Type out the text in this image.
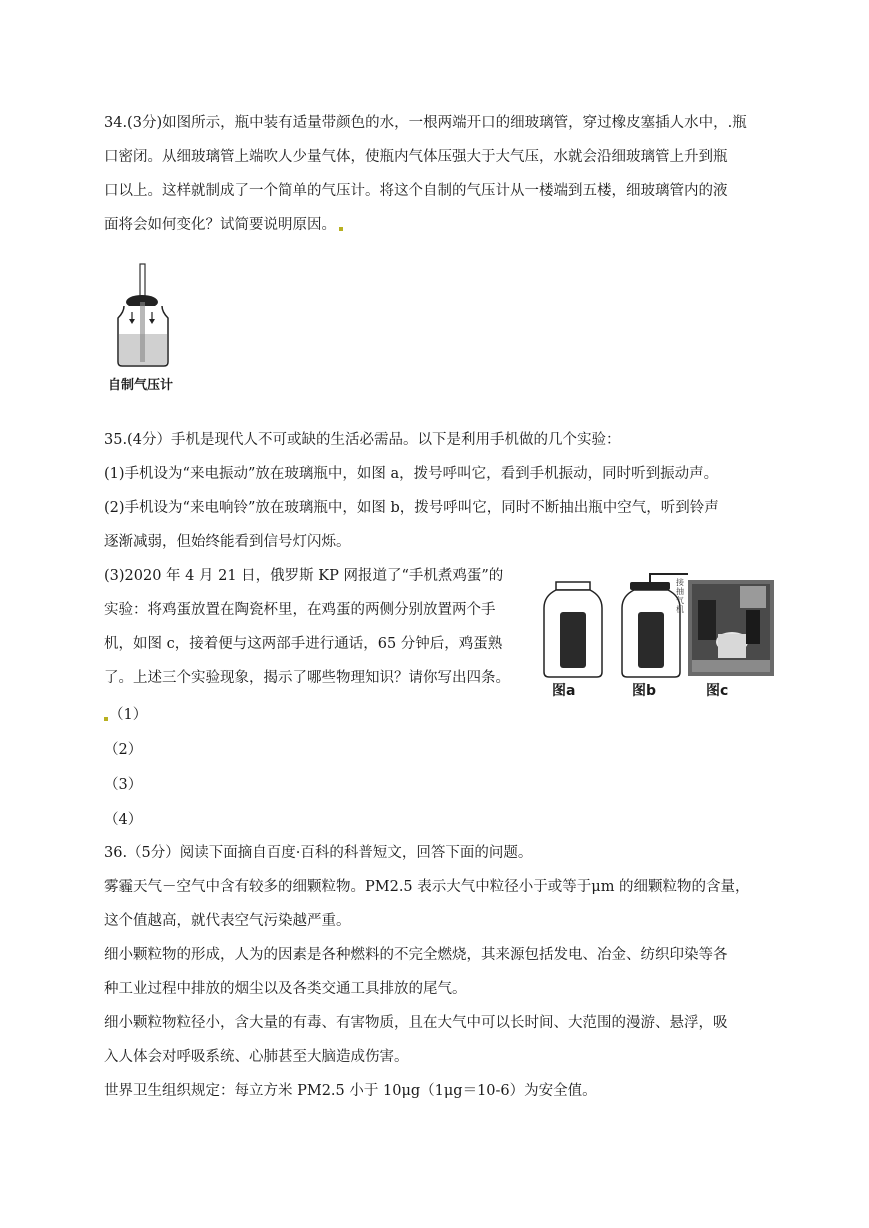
34.(3分)如图所示，瓶中装有适量带颜色的水，一根两端开口的细玻璃管，穿过橡皮塞插人水中，.瓶
口密闭。从细玻璃管上端吹人少量气体，使瓶内气体压强大于大气压，水就会沿细玻璃管上升到瓶
口以上。这样就制成了一个简单的气压计。将这个自制的气压计从一楼端到五楼，细玻璃管内的液
面将会如何变化？试简要说明原因。
自制气压计
35.(4分）手机是现代人不可或缺的生活必需品。以下是利用手机做的几个实验：
(1)手机设为“来电振动”放在玻璃瓶中，如图 a，拨号呼叫它，看到手机振动，同时听到振动声。
(2)手机设为“来电响铃”放在玻璃瓶中，如图 b，拨号呼叫它，同时不断抽出瓶中空气，听到铃声
逐渐减弱，但始终能看到信号灯闪烁。
(3)2020 年 4 月 21 日，俄罗斯 KP 网报道了“手机煮鸡蛋”的
实验：将鸡蛋放置在陶瓷杯里，在鸡蛋的两侧分别放置两个手
机，如图 c，接着便与这两部手进行通话，65 分钟后，鸡蛋熟
了。上述三个实验现象，揭示了哪些物理知识？请你写出四条。
图a
接抽气机
图b	图c
（1）
（2）
（3）
（4）
36.（5分）阅读下面摘自百度·百科的科普短文，回答下面的问题。
雾霾天气－空气中含有较多的细颗粒物。PM2.5 表示大气中粒径小于或等于μm 的细颗粒物的含量，
这个值越高，就代表空气污染越严重。
细小颗粒物的形成，人为的因素是各种燃料的不完全燃烧，其来源包括发电、冶金、纺织印染等各
种工业过程中排放的烟尘以及各类交通工具排放的尾气。
细小颗粒物粒径小，含大量的有毒、有害物质，且在大气中可以长时间、大范围的漫游、悬浮，吸
入人体会对呼吸系统、心肺甚至大脑造成伤害。
世界卫生组织规定：每立方米 PM2.5 小于 10μg（1μg＝10-6）为安全值。
